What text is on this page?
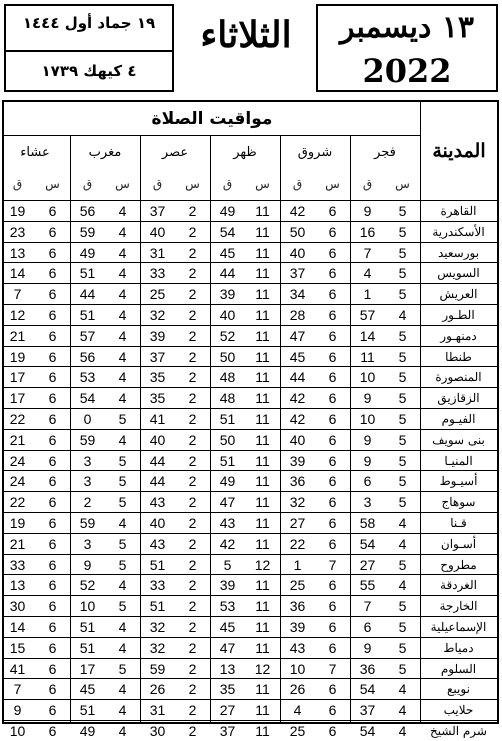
١٩ جماد أول ١٤٤٤
٤ كيهك ١٧٣٩
الثلاثاء	١٣ ديسمبر
2022
المدينة
مواقيت الصلاة
فجر
س
ق
شروق
س
ق
ظهر
س
ق
عصر
س
ق
مغرب
س
ق
عشاء
س
ق
القاهرة
5
9
6
42
11
49
2
37
4
56
6
19
الأسكندرية
5
16
6
50
11
54
2
40
4
59
6
23
بورسعيد
5
7
6
40
11
45
2
31
4
49
6
13
السويس
5
4
6
37
11
44
2
33
4
51
6
14
العريش
5
1
6
34
11
39
2
25
4
44
6
7
الطـور
4
57
6
28
11
40
2
32
4
51
6
12
دمنهـور
5
14
6
47
11
52
2
39
4
57
6
21
طنطا
5
11
6
45
11
50
2
37
4
56
6
19
المنصورة
5
10
6
44
11
48
2
35
4
53
6
17
الزقازيق
5
9
6
42
11
48
2
35
4
54
6
17
الفيـوم
5
10
6
42
11
51
2
41
5
0
6
22
بنى سويف
5
9
6
40
11
50
2
40
4
59
6
21
المنيـا
5
9
6
39
11
51
2
44
5
3
6
24
أسيـوط
5
6
6
36
11
49
2
44
5
3
6
24
سوهاج
5
3
6
32
11
47
2
43
5
2
6
22
قـنا
4
58
6
27
11
43
2
40
4
59
6
19
أسـوان
4
54
6
22
11
42
2
43
5
3
6
21
مطروح
5
27
7
1
12
5
2
51
5
9
6
33
الغردقة
4
55
6
25
11
39
2
33
4
52
6
13
الخارجة
5
7
6
36
11
53
2
51
5
10
6
30
الإسماعيلية
5
6
6
39
11
45
2
32
4
51
6
14
دمياط
5
9
6
43
11
47
2
32
4
51
6
15
السلوم
5
36
7
10
12
13
2
59
5
17
6
41
نويبع
4
54
6
26
11
35
2
26
4
45
6
7
حلايب
4
37
6
4
11
27
2
31
4
51
6
9
شرم الشيخ
4
54
6
25
11
37
2
30
4
49
6
10
